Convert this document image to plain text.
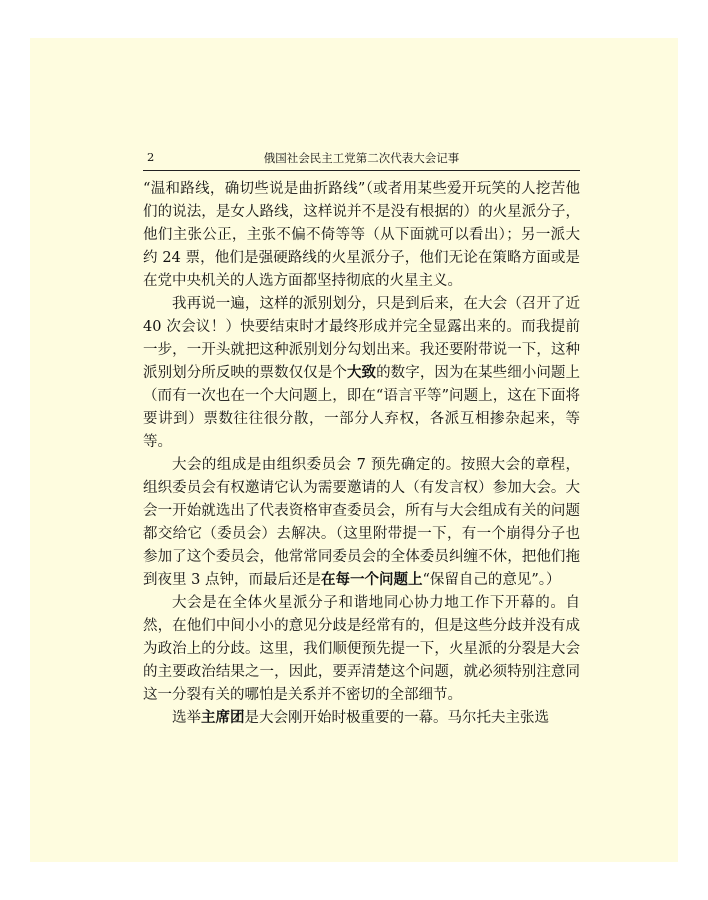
2	俄国社会民主工党第二次代表大会记事

“温和路线，确切些说是曲折路线”（或者用某些爱开玩笑的人挖苦他们的说法，是女人路线，这样说并不是没有根据的）的火星派分子，他们主张公正，主张不偏不倚等等（从下面就可以看出）；另一派大约 24 票，他们是强硬路线的火星派分子，他们无论在策略方面或是在党中央机关的人选方面都坚持彻底的火星主义。

我再说一遍，这样的派别划分，只是到后来，在大会（召开了近 40 次会议！）快要结束时才最终形成并完全显露出来的。而我提前一步，一开头就把这种派别划分勾划出来。我还要附带说一下，这种派别划分所反映的票数仅仅是个大致的数字，因为在某些细小问题上（而有一次也在一个大问题上，即在“语言平等”问题上，这在下面将要讲到）票数往往很分散，一部分人弃权，各派互相掺杂起来，等等。

大会的组成是由组织委员会 7 预先确定的。按照大会的章程，组织委员会有权邀请它认为需要邀请的人（有发言权）参加大会。大会一开始就选出了代表资格审查委员会，所有与大会组成有关的问题都交给它（委员会）去解决。（这里附带提一下，有一个崩得分子也参加了这个委员会，他常常同委员会的全体委员纠缠不休，把他们拖到夜里 3 点钟，而最后还是在每一个问题上“保留自己的意见”。）

大会是在全体火星派分子和谐地同心协力地工作下开幕的。自然，在他们中间小小的意见分歧是经常有的，但是这些分歧并没有成为政治上的分歧。这里，我们顺便预先提一下，火星派的分裂是大会的主要政治结果之一，因此，要弄清楚这个问题，就必须特别注意同这一分裂有关的哪怕是关系并不密切的全部细节。

选举主席团是大会刚开始时极重要的一幕。马尔托夫主张选
